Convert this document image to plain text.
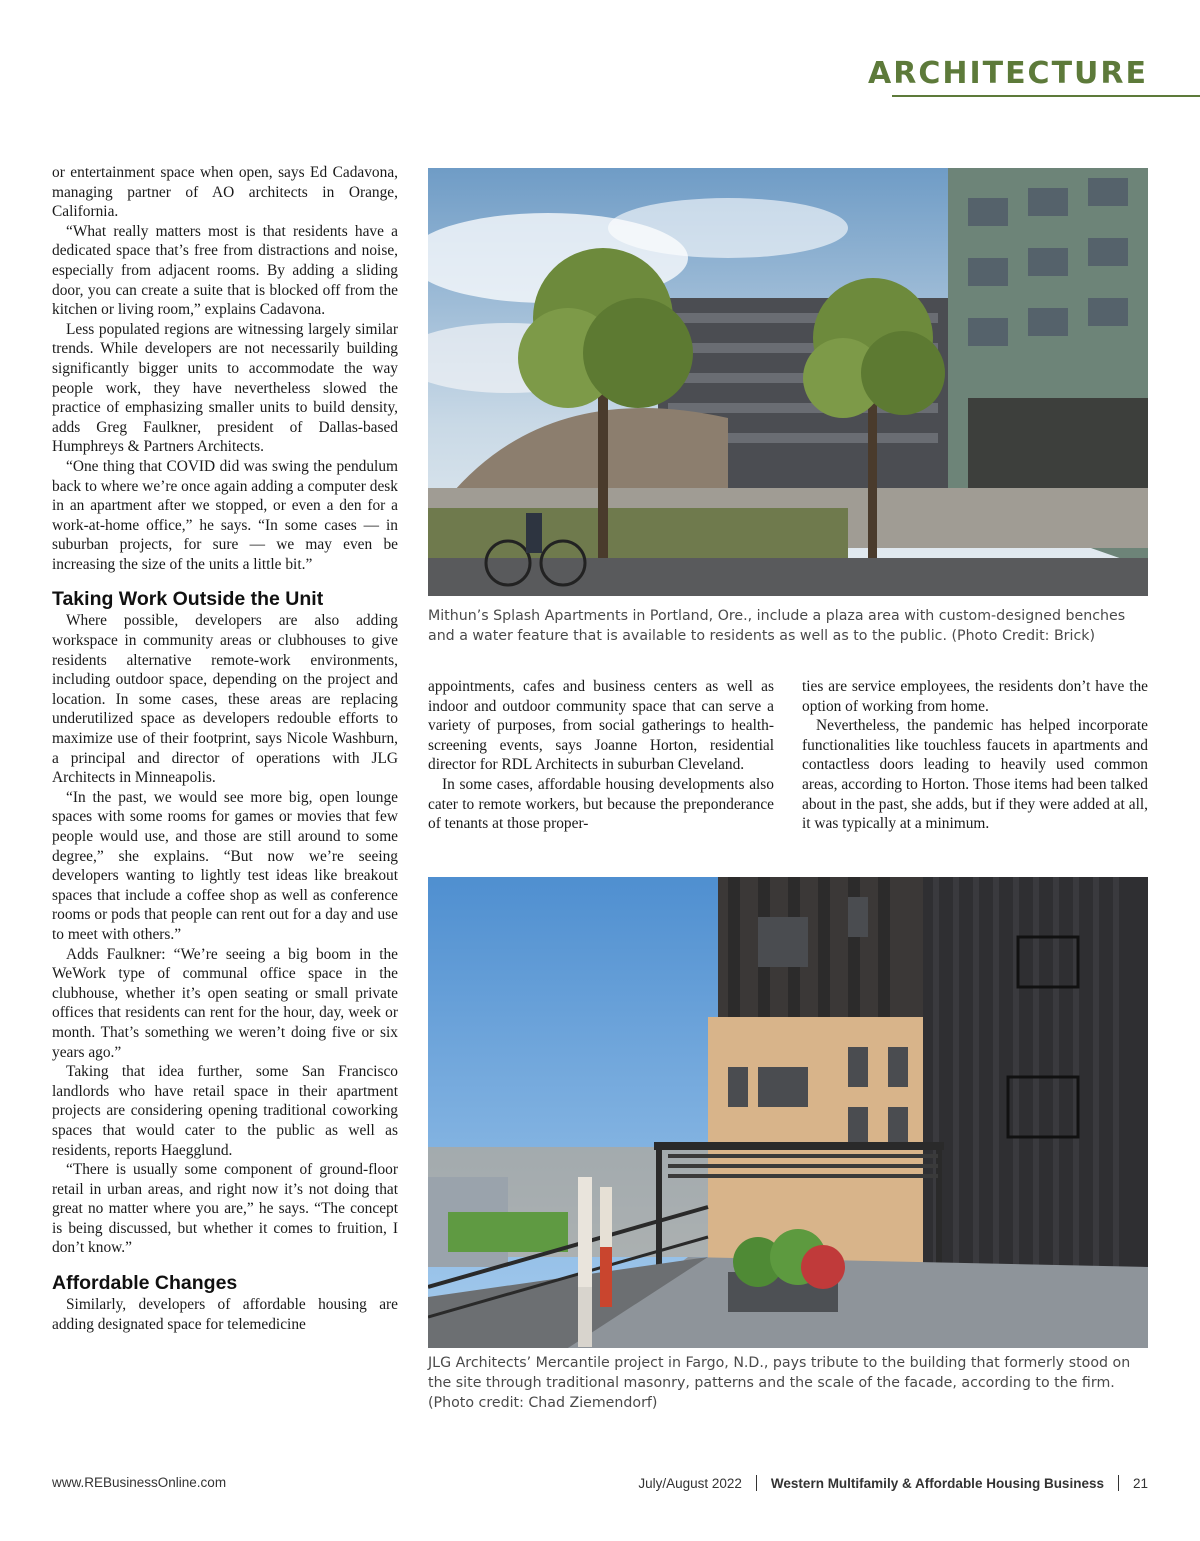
ARCHITECTURE

or entertainment space when open, says Ed Cadavona, managing partner of AO architects in Orange, California.

“What really matters most is that residents have a dedicated space that’s free from distractions and noise, especially from adjacent rooms. By adding a sliding door, you can create a suite that is blocked off from the kitchen or living room,” explains Cadavona.

Less populated regions are witnessing largely similar trends. While developers are not necessarily building significantly bigger units to accommodate the way people work, they have nevertheless slowed the practice of emphasizing smaller units to build density, adds Greg Faulkner, president of Dallas-based Humphreys & Partners Architects.

“One thing that COVID did was swing the pendulum back to where we’re once again adding a computer desk in an apartment after we stopped, or even a den for a work-at-home office,” he says. “In some cases — in suburban projects, for sure — we may even be increasing the size of the units a little bit.”

Taking Work Outside the Unit

Where possible, developers are also adding workspace in community areas or clubhouses to give residents alternative remote-work environments, including outdoor space, depending on the project and location. In some cases, these areas are replacing underutilized space as developers redouble efforts to maximize use of their footprint, says Nicole Washburn, a principal and director of operations with JLG Architects in Minneapolis.

“In the past, we would see more big, open lounge spaces with some rooms for games or movies that few people would use, and those are still around to some degree,” she explains. “But now we’re seeing developers wanting to lightly test ideas like breakout spaces that include a coffee shop as well as conference rooms or pods that people can rent out for a day and use to meet with others.”

Adds Faulkner: “We’re seeing a big boom in the WeWork type of communal office space in the clubhouse, whether it’s open seating or small private offices that residents can rent for the hour, day, week or month. That’s something we weren’t doing five or six years ago.”

Taking that idea further, some San Francisco landlords who have retail space in their apartment projects are considering opening traditional coworking spaces that would cater to the public as well as residents, reports Haegglund.

“There is usually some component of ground-floor retail in urban areas, and right now it’s not doing that great no matter where you are,” he says. “The concept is being discussed, but whether it comes to fruition, I don’t know.”

Affordable Changes

Similarly, developers of affordable housing are adding designated space for telemedicine

Mithun’s Splash Apartments in Portland, Ore., include a plaza area with custom-designed benches and a water feature that is available to residents as well as to the public. (Photo Credit: Brick)

appointments, cafes and business centers as well as indoor and outdoor community space that can serve a variety of purposes, from social gatherings to health-screening events, says Joanne Horton, residential director for RDL Architects in suburban Cleveland.

In some cases, affordable housing developments also cater to remote workers, but because the preponderance of tenants at those proper-

ties are service employees, the residents don’t have the option of working from home.

Nevertheless, the pandemic has helped incorporate functionalities like touchless faucets in apartments and contactless doors leading to heavily used common areas, according to Horton. Those items had been talked about in the past, she adds, but if they were added at all, it was typically at a minimum.

JLG Architects’ Mercantile project in Fargo, N.D., pays tribute to the building that formerly stood on the site through traditional masonry, patterns and the scale of the facade, according to the firm. (Photo credit: Chad Ziemendorf)
www.REBusinessOnline.com	July/August 2022 Western Multifamily & Affordable Housing Business 21
